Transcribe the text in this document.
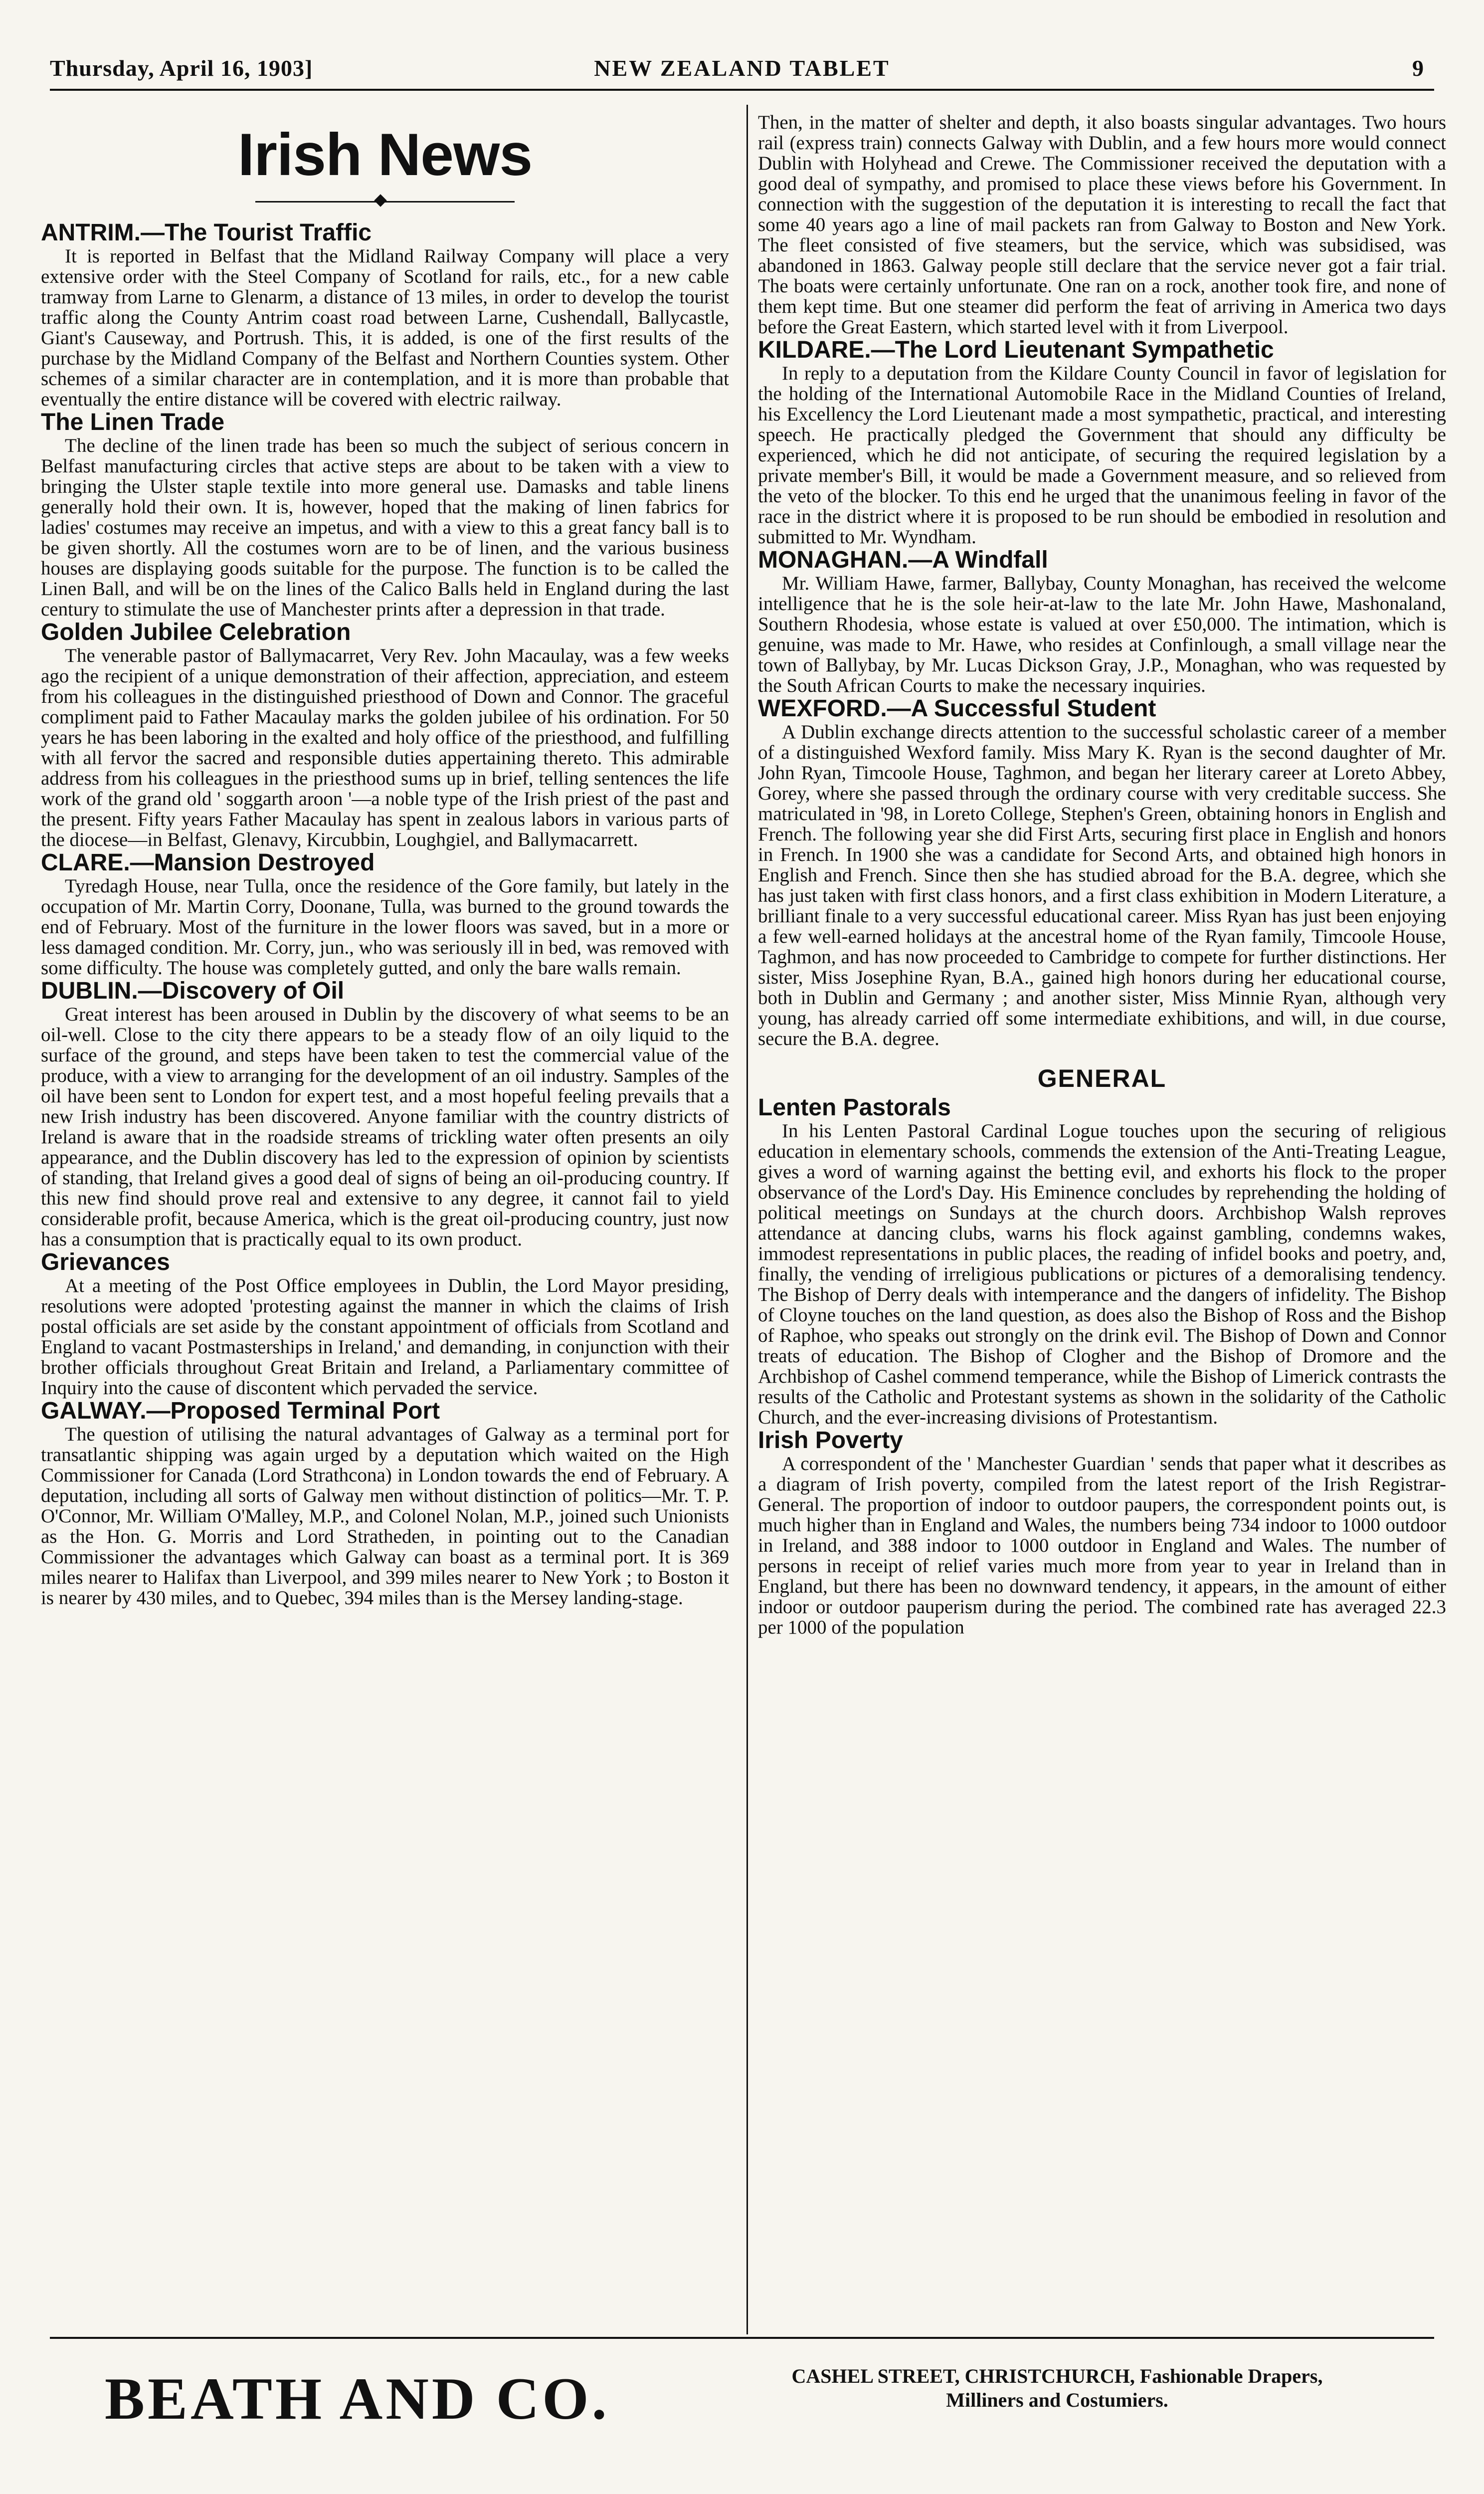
Thursday, April 16, 1903]	NEW ZEALAND TABLET	9
Irish News
ANTRIM.—The Tourist Traffic

It is reported in Belfast that the Midland Railway Company will place a very extensive order with the Steel Company of Scotland for rails, etc., for a new cable tramway from Larne to Glenarm, a distance of 13 miles, in order to develop the tourist traffic along the County Antrim coast road between Larne, Cushendall, Ballycastle, Giant's Causeway, and Portrush. This, it is added, is one of the first results of the purchase by the Midland Company of the Belfast and Northern Counties system. Other schemes of a similar character are in contemplation, and it is more than probable that eventually the entire distance will be covered with electric railway.

The Linen Trade

The decline of the linen trade has been so much the subject of serious concern in Belfast manufacturing circles that active steps are about to be taken with a view to bringing the Ulster staple textile into more general use. Damasks and table linens generally hold their own. It is, however, hoped that the making of linen fabrics for ladies' costumes may receive an impetus, and with a view to this a great fancy ball is to be given shortly. All the costumes worn are to be of linen, and the various business houses are displaying goods suitable for the purpose. The function is to be called the Linen Ball, and will be on the lines of the Calico Balls held in England during the last century to stimulate the use of Manchester prints after a depression in that trade.

Golden Jubilee Celebration

The venerable pastor of Ballymacarret, Very Rev. John Macaulay, was a few weeks ago the recipient of a unique demonstration of their affection, appreciation, and esteem from his colleagues in the distinguished priesthood of Down and Connor. The graceful compliment paid to Father Macaulay marks the golden jubilee of his ordination. For 50 years he has been laboring in the exalted and holy office of the priesthood, and fulfilling with all fervor the sacred and responsible duties appertaining thereto. This admirable address from his colleagues in the priesthood sums up in brief, telling sentences the life work of the grand old ' soggarth aroon '—a noble type of the Irish priest of the past and the present. Fifty years Father Macaulay has spent in zealous labors in various parts of the diocese—in Belfast, Glenavy, Kircubbin, Loughgiel, and Ballymacarrett.

CLARE.—Mansion Destroyed

Tyredagh House, near Tulla, once the residence of the Gore family, but lately in the occupation of Mr. Martin Corry, Doonane, Tulla, was burned to the ground towards the end of February. Most of the furniture in the lower floors was saved, but in a more or less damaged condition. Mr. Corry, jun., who was seriously ill in bed, was removed with some difficulty. The house was completely gutted, and only the bare walls remain.

DUBLIN.—Discovery of Oil

Great interest has been aroused in Dublin by the discovery of what seems to be an oil-well. Close to the city there appears to be a steady flow of an oily liquid to the surface of the ground, and steps have been taken to test the commercial value of the produce, with a view to arranging for the development of an oil industry. Samples of the oil have been sent to London for expert test, and a most hopeful feeling prevails that a new Irish industry has been discovered. Anyone familiar with the country districts of Ireland is aware that in the roadside streams of trickling water often presents an oily appearance, and the Dublin discovery has led to the expression of opinion by scientists of standing, that Ireland gives a good deal of signs of being an oil-producing country. If this new find should prove real and extensive to any degree, it cannot fail to yield considerable profit, because America, which is the great oil-producing country, just now has a consumption that is practically equal to its own product.

Grievances

At a meeting of the Post Office employees in Dublin, the Lord Mayor presiding, resolutions were adopted 'protesting against the manner in which the claims of Irish postal officials are set aside by the constant appointment of officials from Scotland and England to vacant Postmasterships in Ireland,' and demanding, in conjunction with their brother officials throughout Great Britain and Ireland, a Parliamentary committee of Inquiry into the cause of discontent which pervaded the service.

GALWAY.—Proposed Terminal Port

The question of utilising the natural advantages of Galway as a terminal port for transatlantic shipping was again urged by a deputation which waited on the High Commissioner for Canada (Lord Strathcona) in London towards the end of February. A deputation, including all sorts of Galway men without distinction of politics—Mr. T. P. O'Connor, Mr. William O'Malley, M.P., and Colonel Nolan, M.P., joined such Unionists as the Hon. G. Morris and Lord Stratheden, in pointing out to the Canadian Commissioner the advantages which Galway can boast as a terminal port. It is 369 miles nearer to Halifax than Liverpool, and 399 miles nearer to New York ; to Boston it is nearer by 430 miles, and to Quebec, 394 miles than is the Mersey landing-stage.

Then, in the matter of shelter and depth, it also boasts singular advantages. Two hours rail (express train) connects Galway with Dublin, and a few hours more would connect Dublin with Holyhead and Crewe. The Commissioner received the deputation with a good deal of sympathy, and promised to place these views before his Government. In connection with the suggestion of the deputation it is interesting to recall the fact that some 40 years ago a line of mail packets ran from Galway to Boston and New York. The fleet consisted of five steamers, but the service, which was subsidised, was abandoned in 1863. Galway people still declare that the service never got a fair trial. The boats were certainly unfortunate. One ran on a rock, another took fire, and none of them kept time. But one steamer did perform the feat of arriving in America two days before the Great Eastern, which started level with it from Liverpool.

KILDARE.—The Lord Lieutenant Sympathetic

In reply to a deputation from the Kildare County Council in favor of legislation for the holding of the International Automobile Race in the Midland Counties of Ireland, his Excellency the Lord Lieutenant made a most sympathetic, practical, and interesting speech. He practically pledged the Government that should any difficulty be experienced, which he did not anticipate, of securing the required legislation by a private member's Bill, it would be made a Government measure, and so relieved from the veto of the blocker. To this end he urged that the unanimous feeling in favor of the race in the district where it is proposed to be run should be embodied in resolution and submitted to Mr. Wyndham.

MONAGHAN.—A Windfall

Mr. William Hawe, farmer, Ballybay, County Monaghan, has received the welcome intelligence that he is the sole heir-at-law to the late Mr. John Hawe, Mashonaland, Southern Rhodesia, whose estate is valued at over £50,000. The intimation, which is genuine, was made to Mr. Hawe, who resides at Confinlough, a small village near the town of Ballybay, by Mr. Lucas Dickson Gray, J.P., Monaghan, who was requested by the South African Courts to make the necessary inquiries.

WEXFORD.—A Successful Student

A Dublin exchange directs attention to the successful scholastic career of a member of a distinguished Wexford family. Miss Mary K. Ryan is the second daughter of Mr. John Ryan, Timcoole House, Taghmon, and began her literary career at Loreto Abbey, Gorey, where she passed through the ordinary course with very creditable success. She matriculated in '98, in Loreto College, Stephen's Green, obtaining honors in English and French. The following year she did First Arts, securing first place in English and honors in French. In 1900 she was a candidate for Second Arts, and obtained high honors in English and French. Since then she has studied abroad for the B.A. degree, which she has just taken with first class honors, and a first class exhibition in Modern Literature, a brilliant finale to a very successful educational career. Miss Ryan has just been enjoying a few well-earned holidays at the ancestral home of the Ryan family, Timcoole House, Taghmon, and has now proceeded to Cambridge to compete for further distinctions. Her sister, Miss Josephine Ryan, B.A., gained high honors during her educational course, both in Dublin and Germany ; and another sister, Miss Minnie Ryan, although very young, has already carried off some intermediate exhibitions, and will, in due course, secure the B.A. degree.

GENERAL
Lenten Pastorals

In his Lenten Pastoral Cardinal Logue touches upon the securing of religious education in elementary schools, commends the extension of the Anti-Treating League, gives a word of warning against the betting evil, and exhorts his flock to the proper observance of the Lord's Day. His Eminence concludes by reprehending the holding of political meetings on Sundays at the church doors. Archbishop Walsh reproves attendance at dancing clubs, warns his flock against gambling, condemns wakes, immodest representations in public places, the reading of infidel books and poetry, and, finally, the vending of irreligious publications or pictures of a demoralising tendency. The Bishop of Derry deals with intemperance and the dangers of infidelity. The Bishop of Cloyne touches on the land question, as does also the Bishop of Ross and the Bishop of Raphoe, who speaks out strongly on the drink evil. The Bishop of Down and Connor treats of education. The Bishop of Clogher and the Bishop of Dromore and the Archbishop of Cashel commend temperance, while the Bishop of Limerick contrasts the results of the Catholic and Protestant systems as shown in the solidarity of the Catholic Church, and the ever-increasing divisions of Protestantism.

Irish Poverty

A correspondent of the ' Manchester Guardian ' sends that paper what it describes as a diagram of Irish poverty, compiled from the latest report of the Irish Registrar-General. The proportion of indoor to outdoor paupers, the correspondent points out, is much higher than in England and Wales, the numbers being 734 indoor to 1000 outdoor in Ireland, and 388 indoor to 1000 outdoor in England and Wales. The number of persons in receipt of relief varies much more from year to year in Ireland than in England, but there has been no downward tendency, it appears, in the amount of either indoor or outdoor pauperism during the period. The combined rate has averaged 22.3 per 1000 of the population

BEATH AND CO.	CASHEL STREET, CHRISTCHURCH, Fashionable Drapers,
Milliners and Costumiers.
